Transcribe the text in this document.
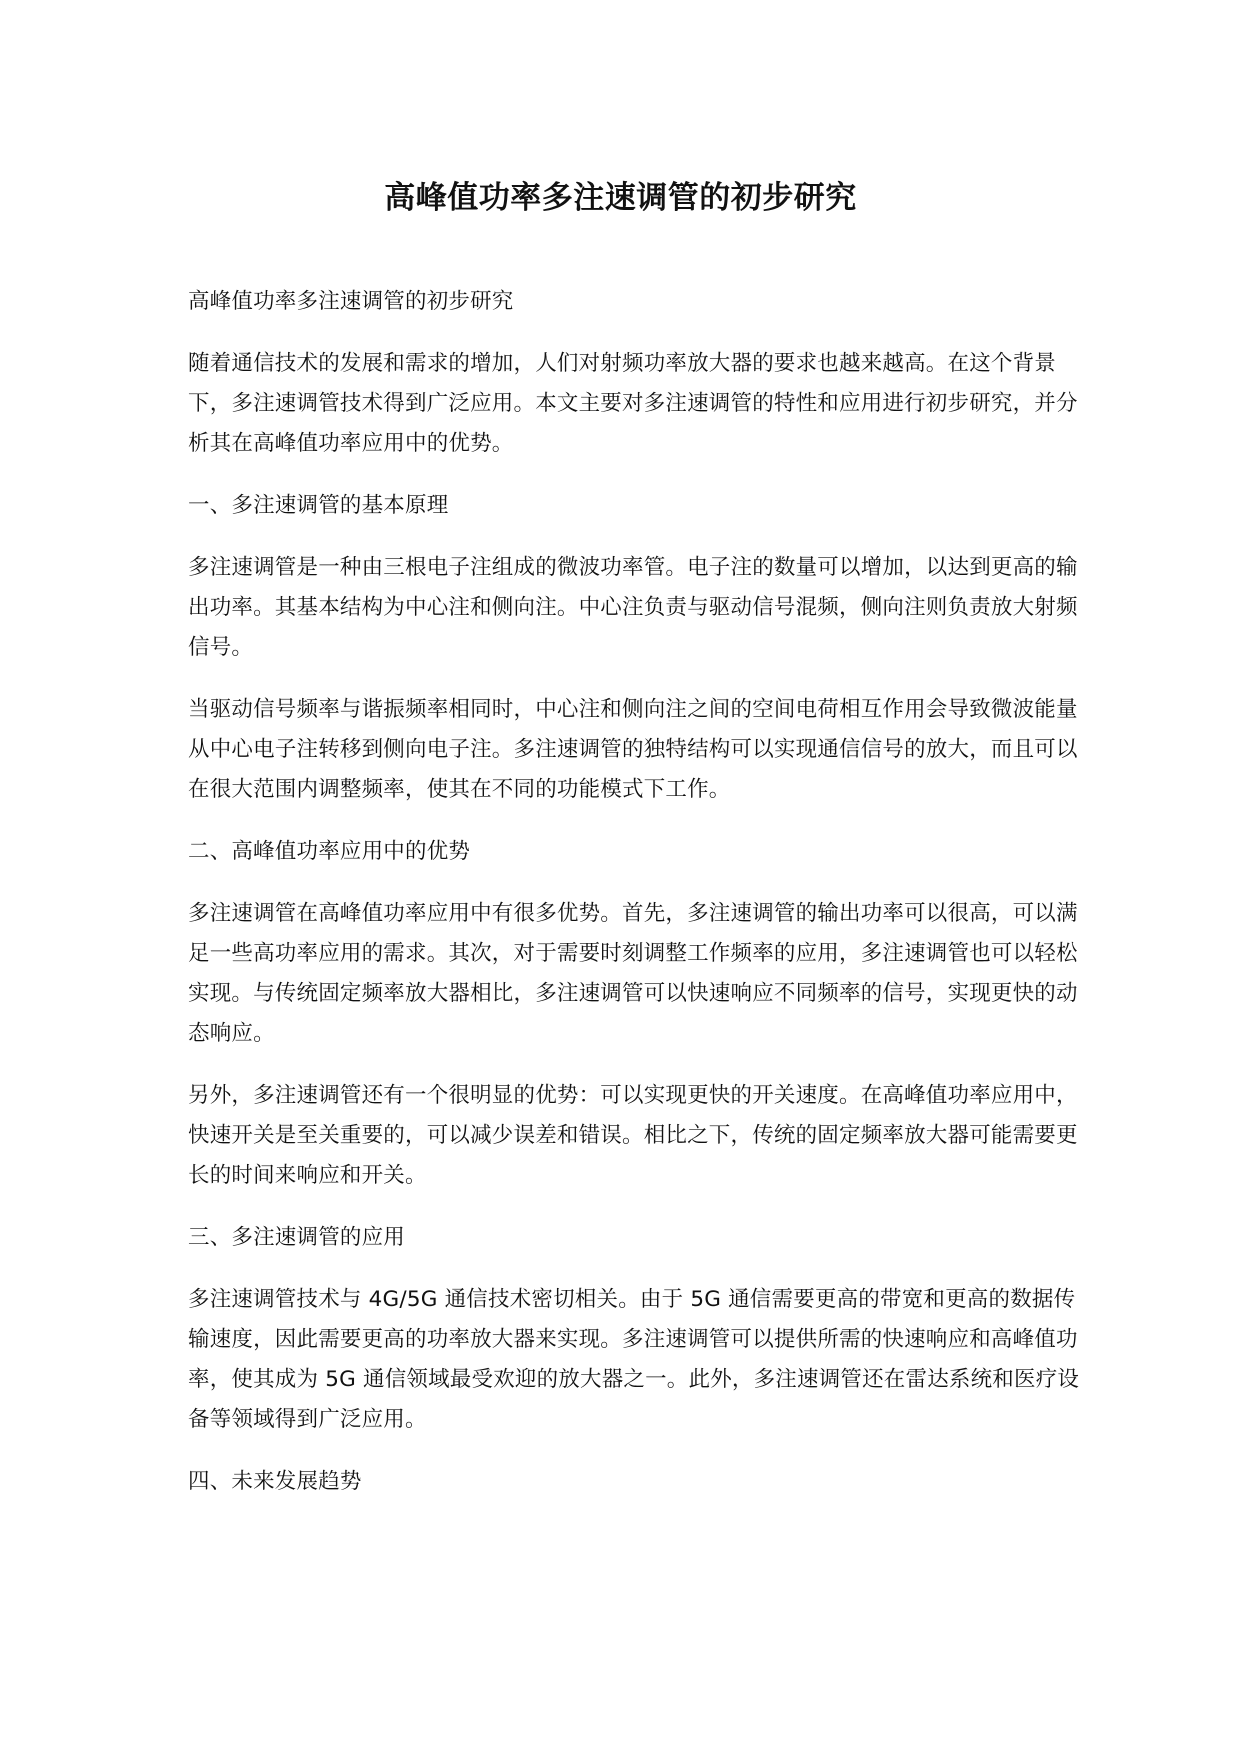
高峰值功率多注速调管的初步研究

高峰值功率多注速调管的初步研究

随着通信技术的发展和需求的增加，人们对射频功率放大器的要求也越来越高。在这个背景下，多注速调管技术得到广泛应用。本文主要对多注速调管的特性和应用进行初步研究，并分析其在高峰值功率应用中的优势。

一、多注速调管的基本原理

多注速调管是一种由三根电子注组成的微波功率管。电子注的数量可以增加，以达到更高的输出功率。其基本结构为中心注和侧向注。中心注负责与驱动信号混频，侧向注则负责放大射频信号。

当驱动信号频率与谐振频率相同时，中心注和侧向注之间的空间电荷相互作用会导致微波能量从中心电子注转移到侧向电子注。多注速调管的独特结构可以实现通信信号的放大，而且可以在很大范围内调整频率，使其在不同的功能模式下工作。

二、高峰值功率应用中的优势

多注速调管在高峰值功率应用中有很多优势。首先，多注速调管的输出功率可以很高，可以满足一些高功率应用的需求。其次，对于需要时刻调整工作频率的应用，多注速调管也可以轻松实现。与传统固定频率放大器相比，多注速调管可以快速响应不同频率的信号，实现更快的动态响应。

另外，多注速调管还有一个很明显的优势：可以实现更快的开关速度。在高峰值功率应用中，快速开关是至关重要的，可以减少误差和错误。相比之下，传统的固定频率放大器可能需要更长的时间来响应和开关。

三、多注速调管的应用

多注速调管技术与 4G/5G 通信技术密切相关。由于 5G 通信需要更高的带宽和更高的数据传输速度，因此需要更高的功率放大器来实现。多注速调管可以提供所需的快速响应和高峰值功率，使其成为 5G 通信领域最受欢迎的放大器之一。此外，多注速调管还在雷达系统和医疗设备等领域得到广泛应用。

四、未来发展趋势
